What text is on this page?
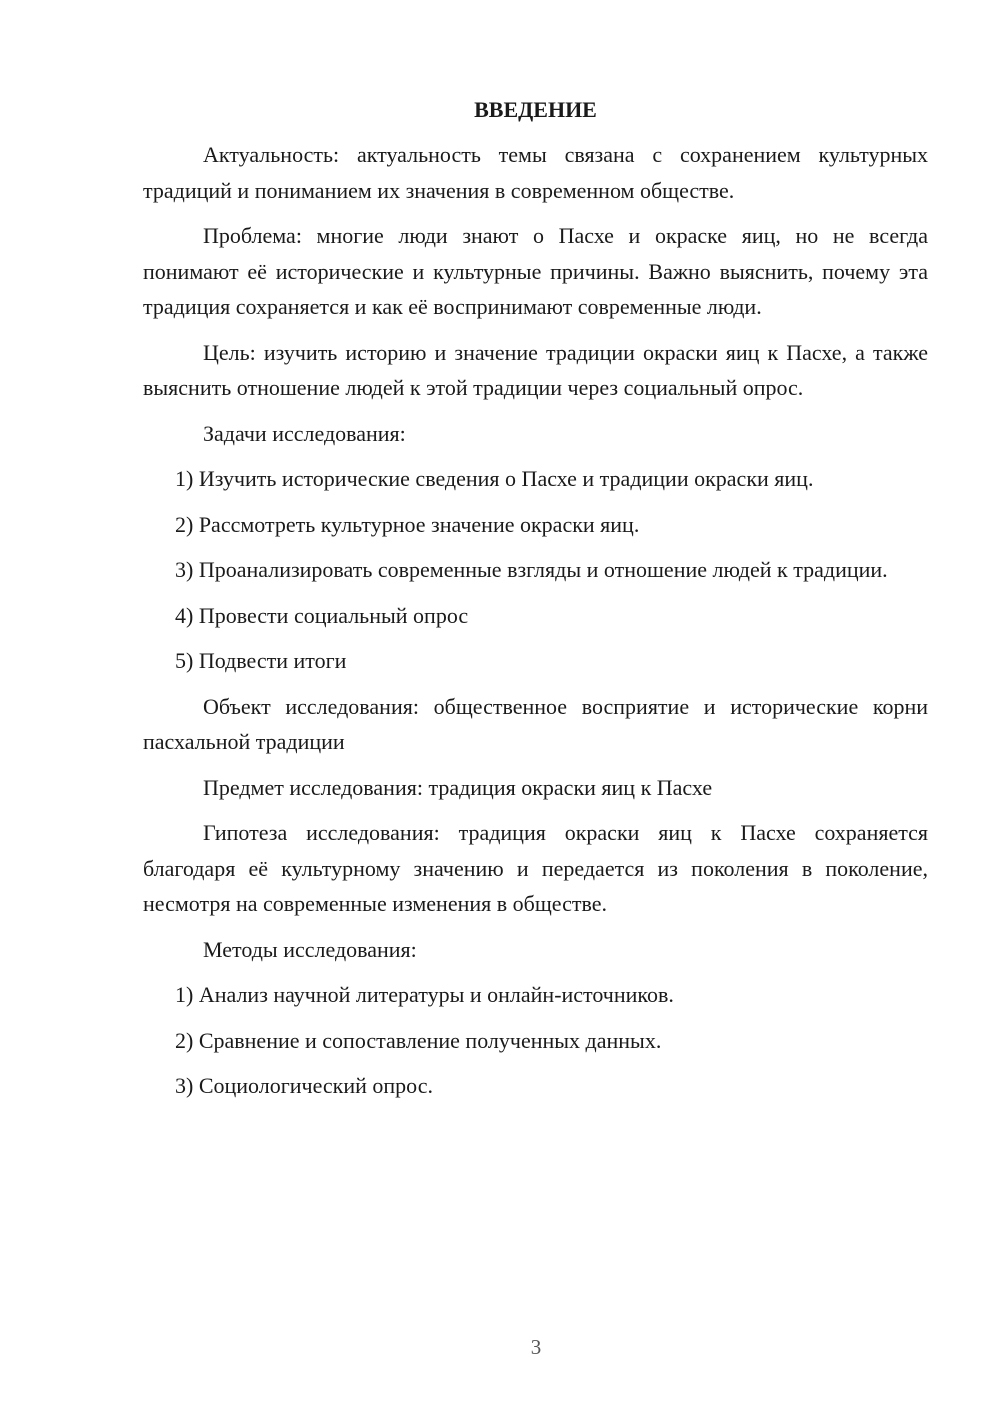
ВВЕДЕНИЕ

Актуальность: актуальность темы связана с сохранением культурных традиций и пониманием их значения в современном обществе.

Проблема: многие люди знают о Пасхе и окраске яиц, но не всегда понимают её исторические и культурные причины. Важно выяснить, почему эта традиция сохраняется и как её воспринимают современные люди.

Цель: изучить историю и значение традиции окраски яиц к Пасхе, а также выяснить отношение людей к этой традиции через социальный опрос.

Задачи исследования:

1) Изучить исторические сведения о Пасхе и традиции окраски яиц.

2) Рассмотреть культурное значение окраски яиц.

3) Проанализировать современные взгляды и отношение людей к традиции.

4) Провести социальный опрос

5) Подвести итоги

Объект исследования: общественное восприятие и исторические корни пасхальной традиции

Предмет исследования: традиция окраски яиц к Пасхе

Гипотеза исследования: традиция окраски яиц к Пасхе сохраняется благодаря её культурному значению и передается из поколения в поколение, несмотря на современные изменения в обществе.

Методы исследования:

1) Анализ научной литературы и онлайн-источников.

2) Сравнение и сопоставление полученных данных.

3) Социологический опрос.

3
